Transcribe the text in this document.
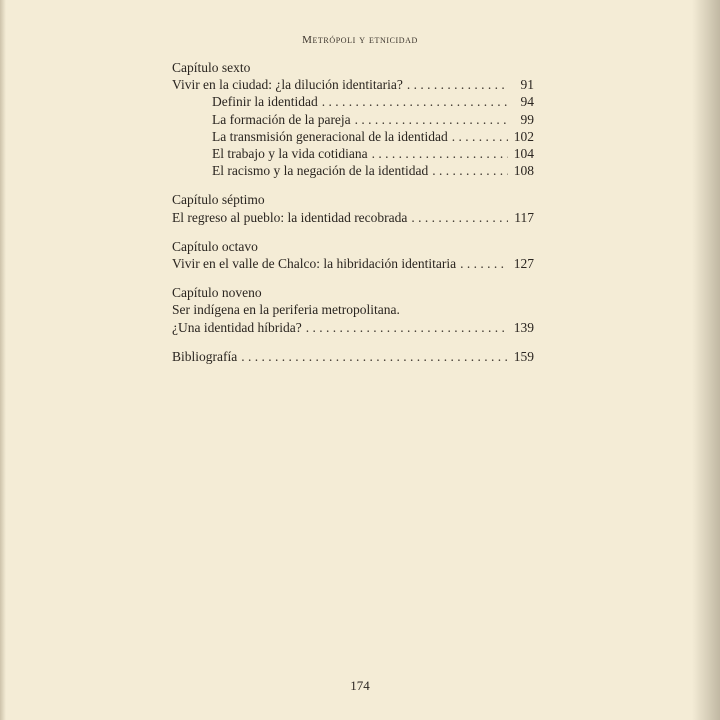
Metrópoli y etnicidad
Capítulo sexto
Vivir en la ciudad: ¿la dilución identitaria? . . .	91
Definir la identidad . . .	94
La formación de la pareja . . .	99
La transmisión generacional de la identidad . . .	102
El trabajo y la vida cotidiana . . .	104
El racismo y la negación de la identidad . . .	108
Capítulo séptimo
El regreso al pueblo: la identidad recobrada . . .	117
Capítulo octavo
Vivir en el valle de Chalco: la hibridación identitaria . . .	127
Capítulo noveno
Ser indígena en la periferia metropolitana.
¿Una identidad híbrida? . . .	139
Bibliografía . . .	159
174
